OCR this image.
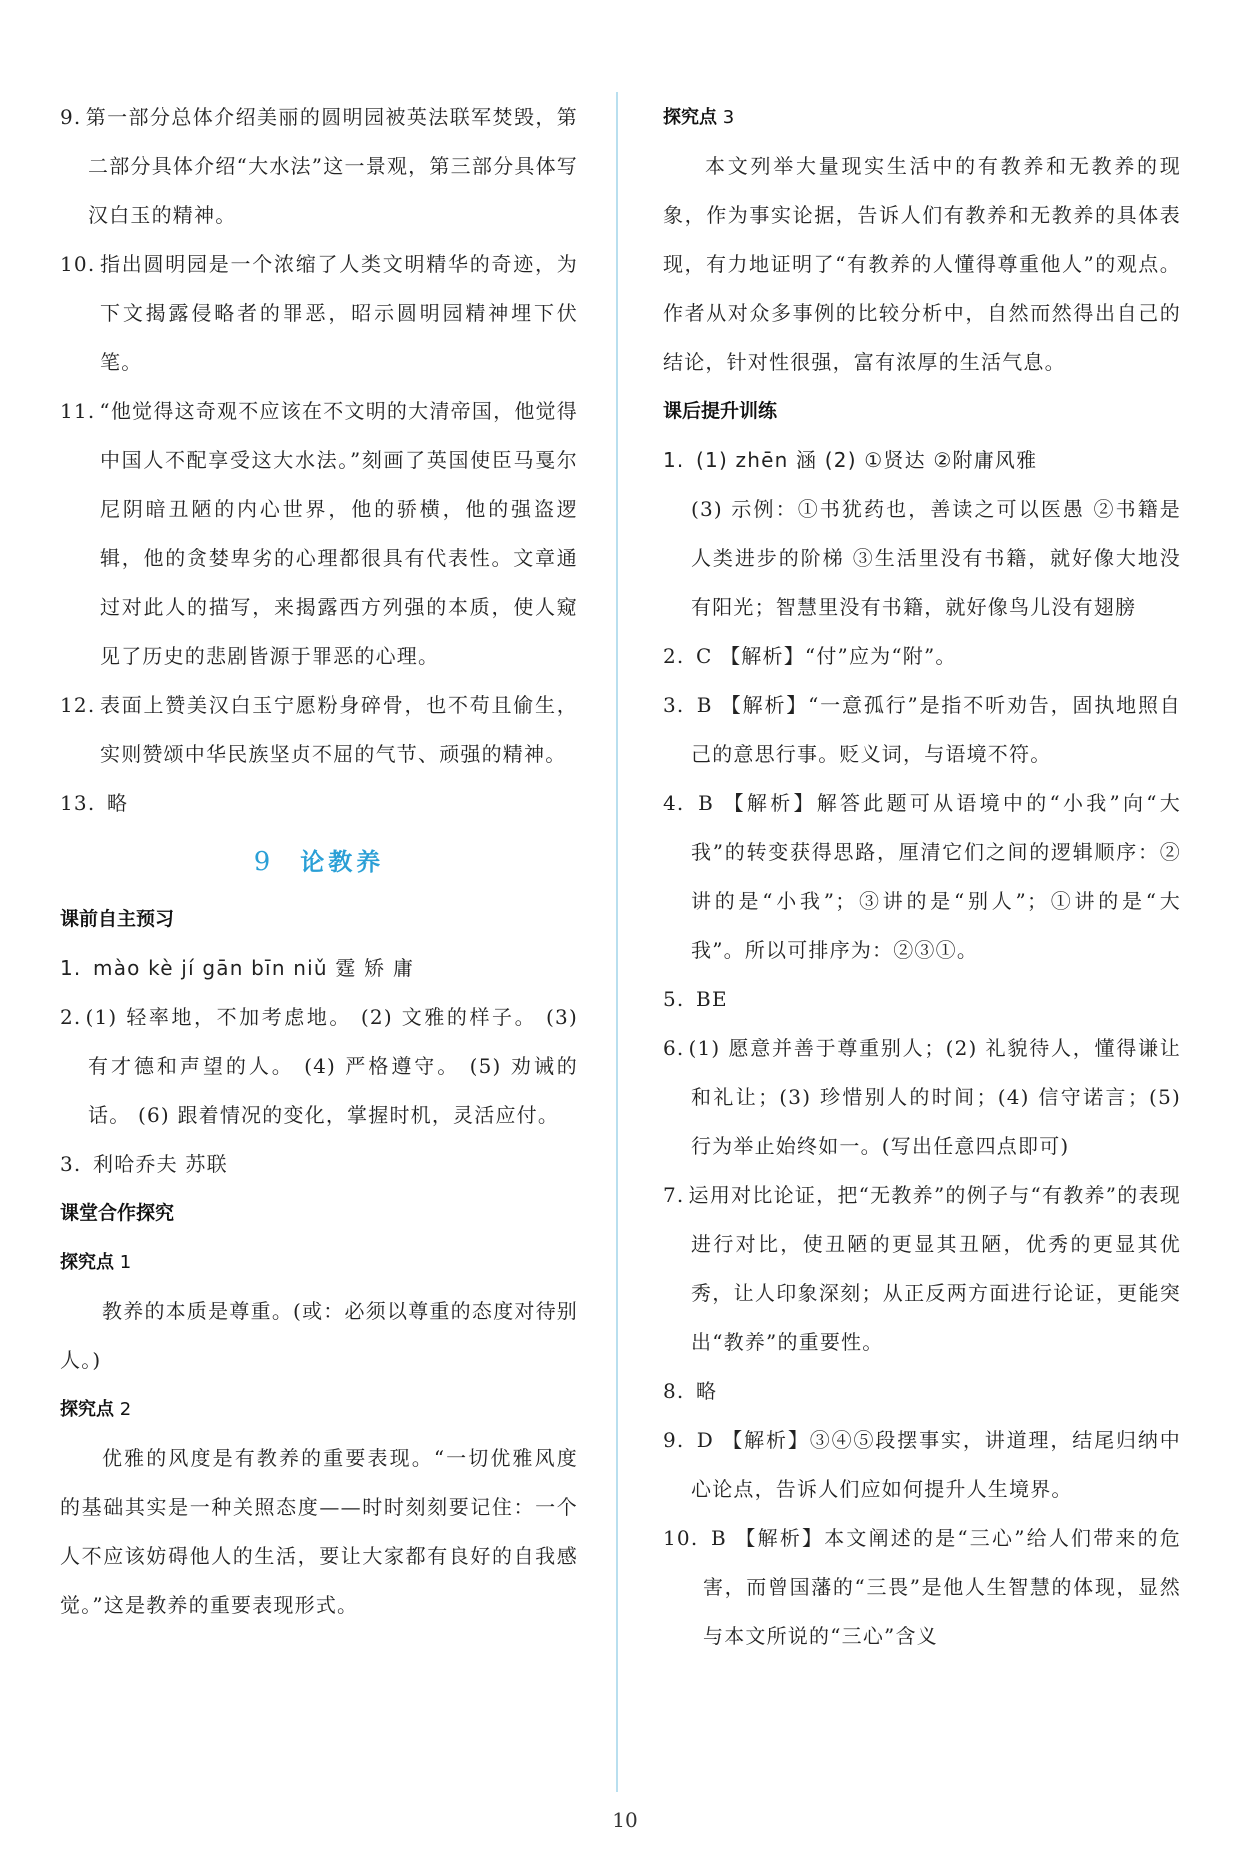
9. 第一部分总体介绍美丽的圆明园被英法联军焚毁，第二部分具体介绍“大水法”这一景观，第三部分具体写汉白玉的精神。

10. 指出圆明园是一个浓缩了人类文明精华的奇迹，为下文揭露侵略者的罪恶，昭示圆明园精神埋下伏笔。

11. “他觉得这奇观不应该在不文明的大清帝国，他觉得中国人不配享受这大水法。”刻画了英国使臣马戛尔尼阴暗丑陋的内心世界，他的骄横，他的强盗逻辑，他的贪婪卑劣的心理都很具有代表性。文章通过对此人的描写，来揭露西方列强的本质，使人窥见了历史的悲剧皆源于罪恶的心理。

12. 表面上赞美汉白玉宁愿粉身碎骨，也不苟且偷生，实则赞颂中华民族坚贞不屈的气节、顽强的精神。

13. 略

9 论教养

课前自主预习

1. mào kè jí gān bīn niǔ 霆 矫 庸

2. (1) 轻率地，不加考虑地。 (2) 文雅的样子。 (3) 有才德和声望的人。 (4) 严格遵守。 (5) 劝诫的话。 (6) 跟着情况的变化，掌握时机，灵活应付。

3. 利哈乔夫 苏联

课堂合作探究

探究点 1

教养的本质是尊重。(或：必须以尊重的态度对待别人。)

探究点 2

优雅的风度是有教养的重要表现。“一切优雅风度的基础其实是一种关照态度——时时刻刻要记住：一个人不应该妨碍他人的生活，要让大家都有良好的自我感觉。”这是教养的重要表现形式。

探究点 3

本文列举大量现实生活中的有教养和无教养的现象，作为事实论据，告诉人们有教养和无教养的具体表现，有力地证明了“有教养的人懂得尊重他人”的观点。作者从对众多事例的比较分析中，自然而然得出自己的结论，针对性很强，富有浓厚的生活气息。

课后提升训练

1. (1) zhēn 涵 (2) ①贤达 ②附庸风雅

(3) 示例：①书犹药也，善读之可以医愚 ②书籍是人类进步的阶梯 ③生活里没有书籍，就好像大地没有阳光；智慧里没有书籍，就好像鸟儿没有翅膀

2. C 【解析】“付”应为“附”。

3. B 【解析】“一意孤行”是指不听劝告，固执地照自己的意思行事。贬义词，与语境不符。

4. B 【解析】解答此题可从语境中的“小我”向“大我”的转变获得思路，厘清它们之间的逻辑顺序：②讲的是“小我”；③讲的是“别人”；①讲的是“大我”。所以可排序为：②③①。

5. BE

6. (1) 愿意并善于尊重别人；(2) 礼貌待人，懂得谦让和礼让；(3) 珍惜别人的时间；(4) 信守诺言；(5) 行为举止始终如一。(写出任意四点即可)

7. 运用对比论证，把“无教养”的例子与“有教养”的表现进行对比，使丑陋的更显其丑陋，优秀的更显其优秀，让人印象深刻；从正反两方面进行论证，更能突出“教养”的重要性。

8. 略

9. D 【解析】③④⑤段摆事实，讲道理，结尾归纳中心论点，告诉人们应如何提升人生境界。

10. B 【解析】本文阐述的是“三心”给人们带来的危害，而曾国藩的“三畏”是他人生智慧的体现，显然与本文所说的“三心”含义

10
